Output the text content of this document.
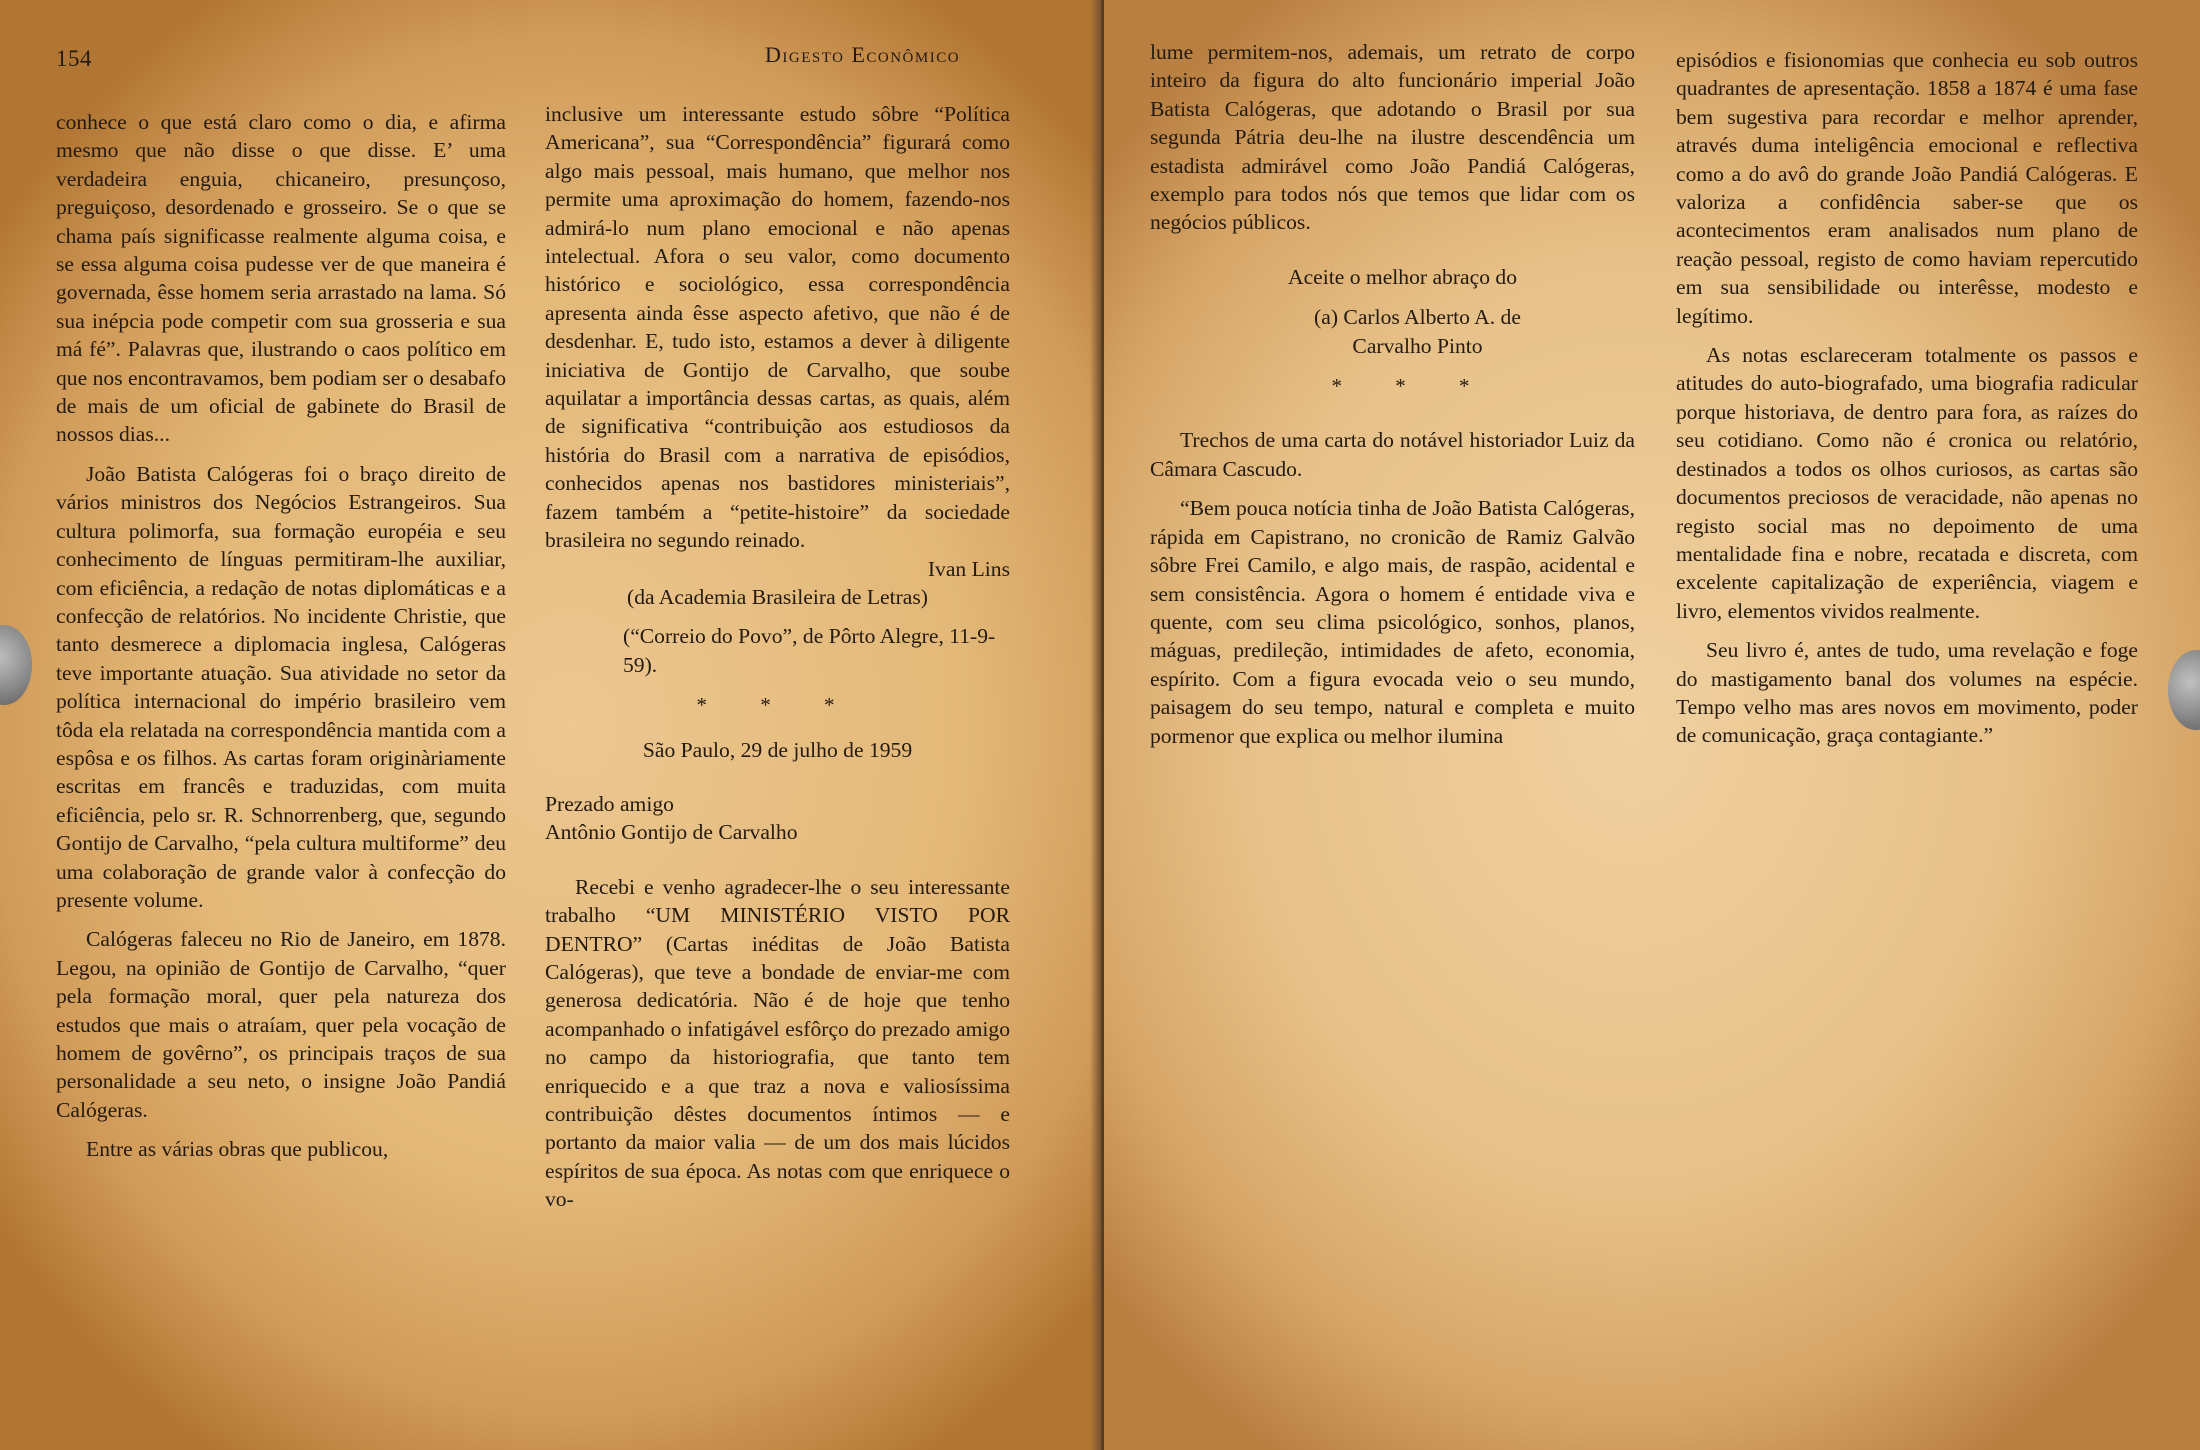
154	Digesto Econômico

conhece o que está claro como o dia, e afirma mesmo que não disse o que disse. E’ uma verdadeira enguia, chicaneiro, presunçoso, preguiçoso, desordenado e grosseiro. Se o que se chama país significasse realmente alguma coisa, e se essa alguma coisa pudesse ver de que maneira é governada, êsse homem seria arrastado na lama. Só sua inépcia pode competir com sua grosseria e sua má fé”. Palavras que, ilustrando o caos político em que nos encontravamos, bem podiam ser o desabafo de mais de um oficial de gabinete do Brasil de nossos dias...

João Batista Calógeras foi o braço direito de vários ministros dos Negócios Estrangeiros. Sua cultura polimorfa, sua formação européia e seu conhecimento de línguas permitiram-lhe auxiliar, com eficiência, a redação de notas diplomáticas e a confecção de relatórios. No incidente Christie, que tanto desmerece a diplomacia inglesa, Calógeras teve importante atuação. Sua atividade no setor da política internacional do império brasileiro vem tôda ela relatada na correspondência mantida com a espôsa e os filhos. As cartas foram originàriamente escritas em francês e traduzidas, com muita eficiência, pelo sr. R. Schnorrenberg, que, segundo Gontijo de Carvalho, “pela cultura multiforme” deu uma colaboração de grande valor à confecção do presente volume.

Calógeras faleceu no Rio de Janeiro, em 1878. Legou, na opinião de Gontijo de Carvalho, “quer pela formação moral, quer pela natureza dos estudos que mais o atraíam, quer pela vocação de homem de govêrno”, os principais traços de sua personalidade a seu neto, o insigne João Pandiá Calógeras.

Entre as várias obras que publicou,

inclusive um interessante estudo sôbre “Política Americana”, sua “Correspondência” figurará como algo mais pessoal, mais humano, que melhor nos permite uma aproximação do homem, fazendo-nos admirá-lo num plano emocional e não apenas intelectual. Afora o seu valor, como documento histórico e sociológico, essa correspondência apresenta ainda êsse aspecto afetivo, que não é de desdenhar. E, tudo isto, estamos a dever à diligente iniciativa de Gontijo de Carvalho, que soube aquilatar a importância dessas cartas, as quais, além de significativa “contribuição aos estudiosos da história do Brasil com a narrativa de episódios, conhecidos apenas nos bastidores ministeriais”, fazem também a “petite-histoire” da sociedade brasileira no segundo reinado.

Ivan Lins

(da Academia Brasileira de Letras)

(“Correio do Povo”, de Pôrto Alegre, 11-9-59).

* * *

São Paulo, 29 de julho de 1959

Prezado amigo

Antônio Gontijo de Carvalho

Recebi e venho agradecer-lhe o seu interessante trabalho “UM MINISTÉRIO VISTO POR DENTRO” (Cartas inéditas de João Batista Calógeras), que teve a bondade de enviar-me com generosa dedicatória. Não é de hoje que tenho acompanhado o infatigável esfôrço do prezado amigo no campo da historiografia, que tanto tem enriquecido e a que traz a nova e valiosíssima contribuição dêstes documentos íntimos — e portanto da maior valia — de um dos mais lúcidos espíritos de sua época. As notas com que enriquece o vo-

lume permitem-nos, ademais, um retrato de corpo inteiro da figura do alto funcionário imperial João Batista Calógeras, que adotando o Brasil por sua segunda Pátria deu-lhe na ilustre descendência um estadista admirável como João Pandiá Calógeras, exemplo para todos nós que temos que lidar com os negócios públicos.

Aceite o melhor abraço do

(a) Carlos Alberto A. de

Carvalho Pinto

* * *

Trechos de uma carta do notável historiador Luiz da Câmara Cascudo.

“Bem pouca notícia tinha de João Batista Calógeras, rápida em Capistrano, no cronicão de Ramiz Galvão sôbre Frei Camilo, e algo mais, de raspão, acidental e sem consistência. Agora o homem é entidade viva e quente, com seu clima psicológico, sonhos, planos, máguas, predileção, intimidades de afeto, economia, espírito. Com a figura evocada veio o seu mundo, paisagem do seu tempo, natural e completa e muito pormenor que explica ou melhor ilumina

episódios e fisionomias que conhecia eu sob outros quadrantes de apresentação. 1858 a 1874 é uma fase bem sugestiva para recordar e melhor aprender, através duma inteligência emocional e reflectiva como a do avô do grande João Pandiá Calógeras. E valoriza a confidência saber-se que os acontecimentos eram analisados num plano de reação pessoal, registo de como haviam repercutido em sua sensibilidade ou interêsse, modesto e legítimo.

As notas esclareceram totalmente os passos e atitudes do auto-biografado, uma biografia radicular porque historiava, de dentro para fora, as raízes do seu cotidiano. Como não é cronica ou relatório, destinados a todos os olhos curiosos, as cartas são documentos preciosos de veracidade, não apenas no registo social mas no depoimento de uma mentalidade fina e nobre, recatada e discreta, com excelente capitalização de experiência, viagem e livro, elementos vividos realmente.

Seu livro é, antes de tudo, uma revelação e foge do mastigamento banal dos volumes na espécie. Tempo velho mas ares novos em movimento, poder de comunicação, graça contagiante.”
